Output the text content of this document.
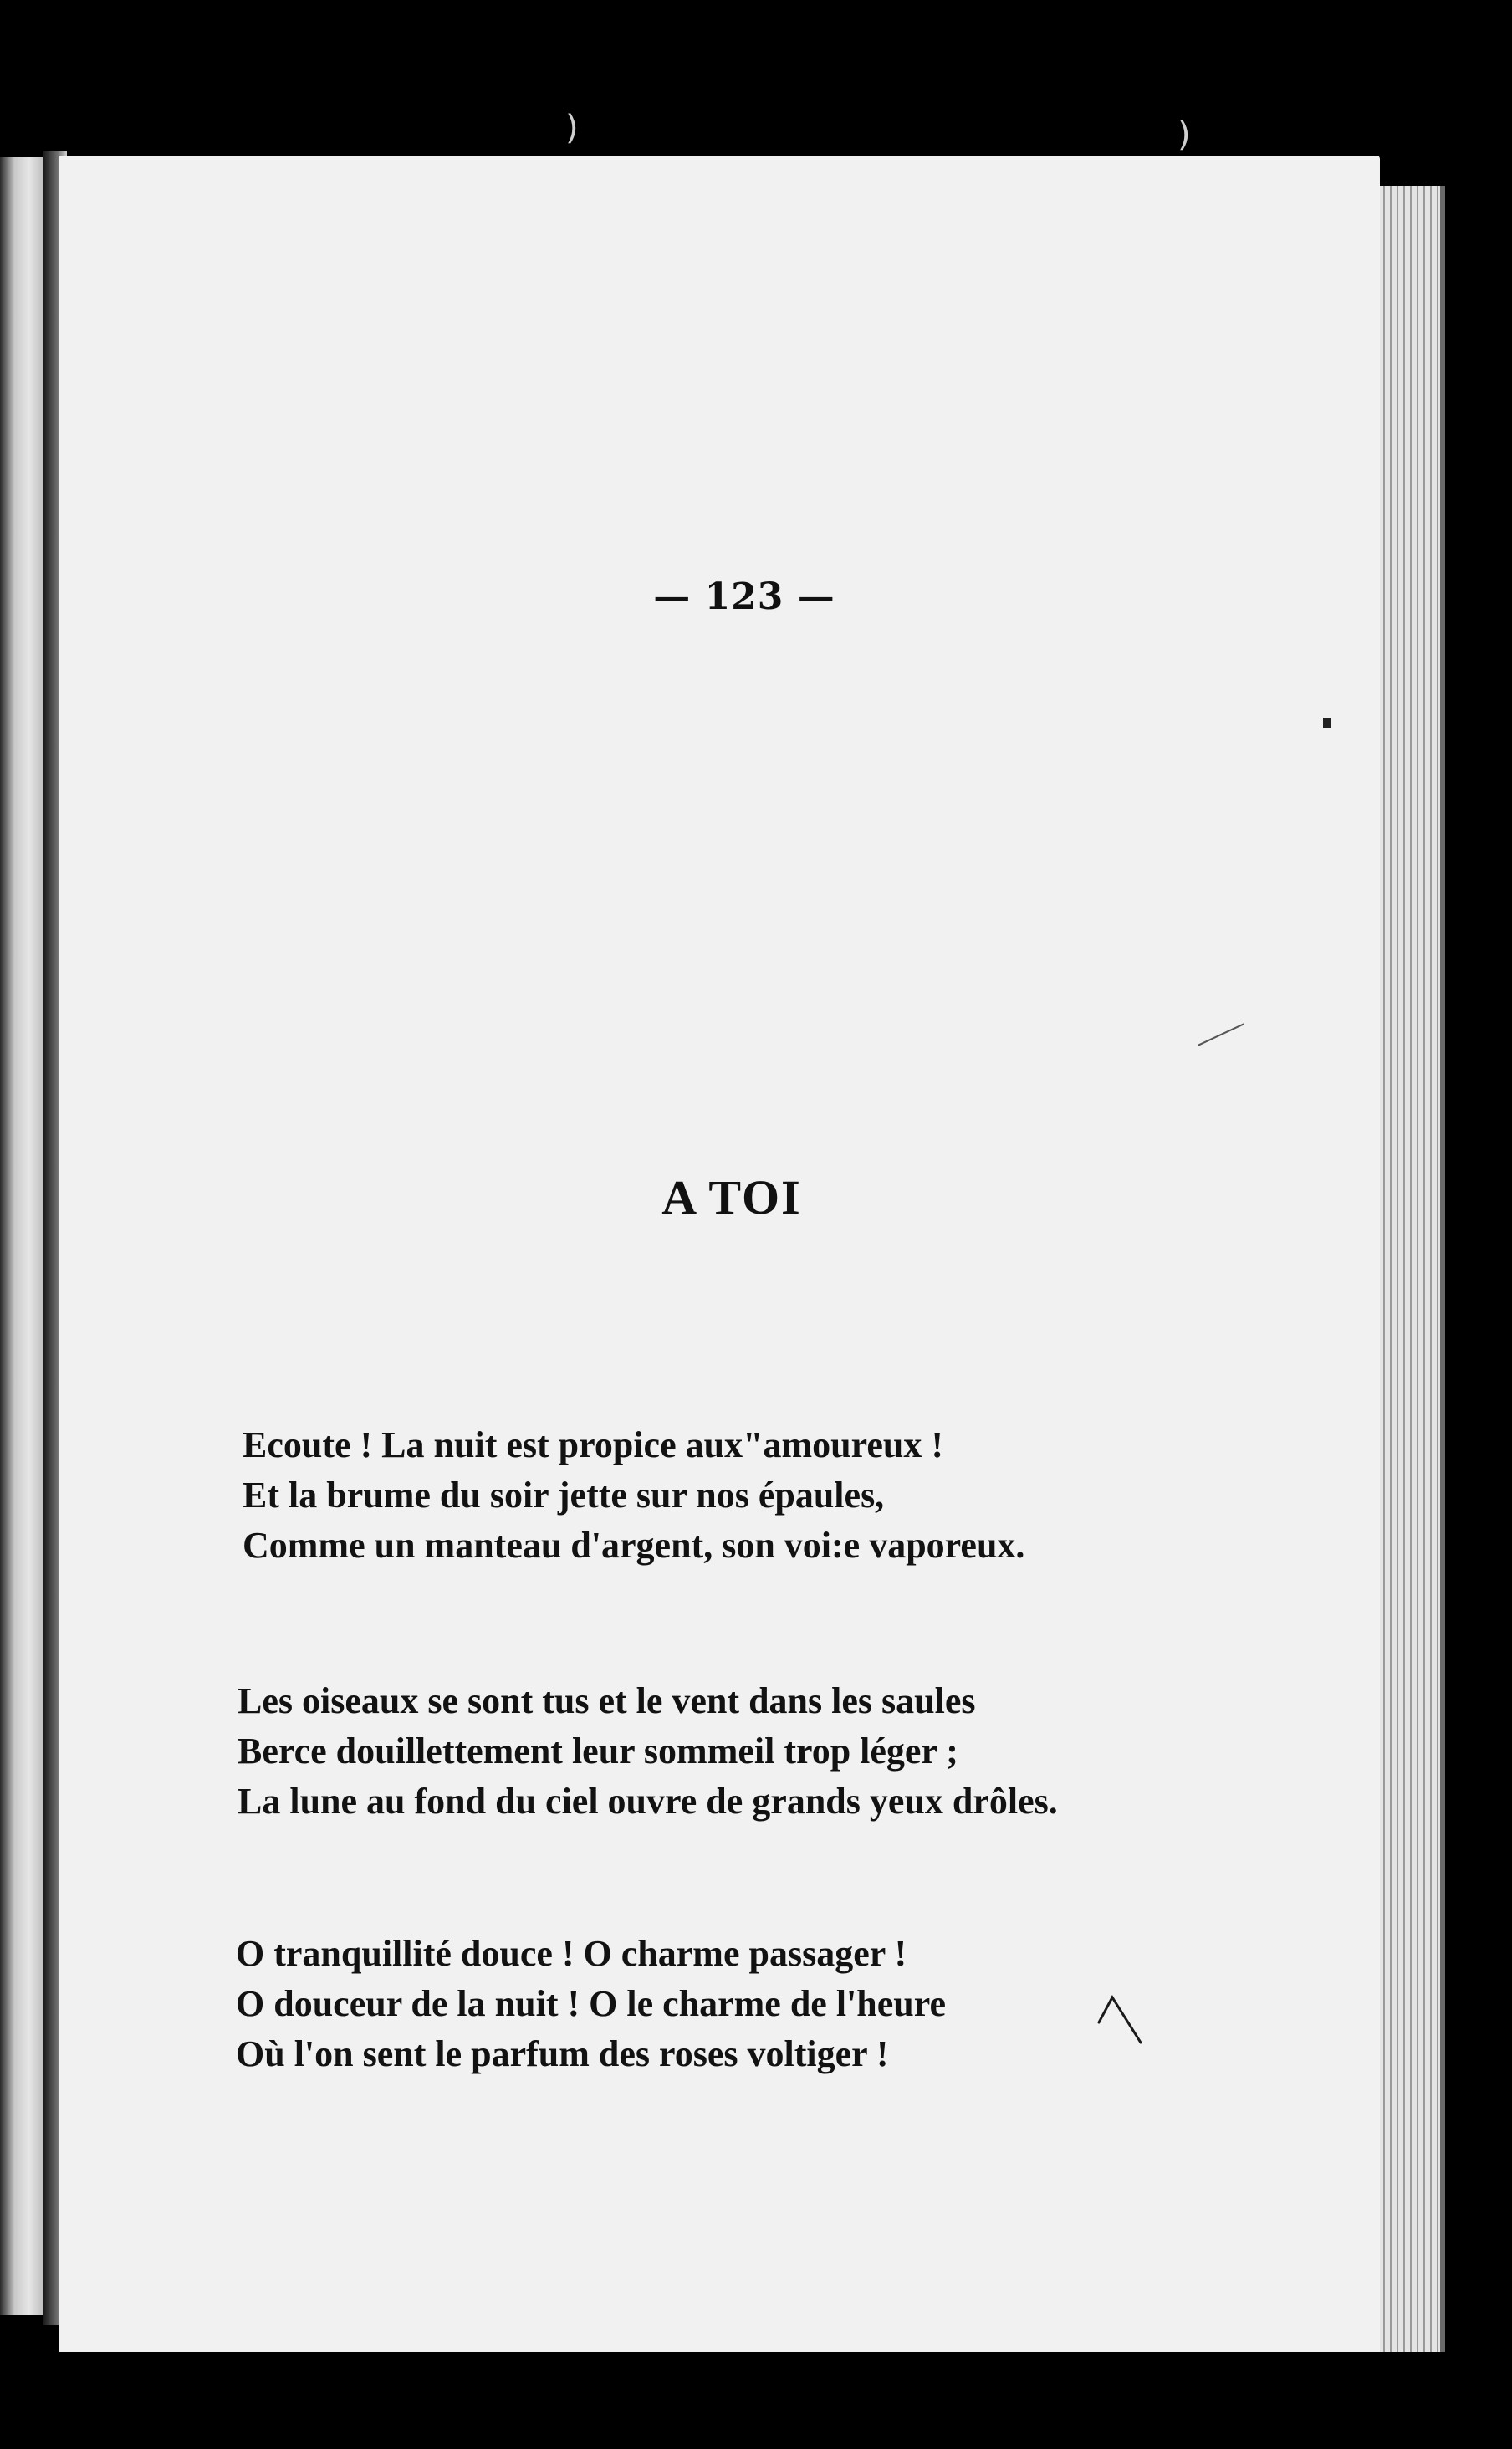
)	)
— 123 —
A TOI
Ecoute ! La nuit est propice aux"amoureux !
Et la brume du soir jette sur nos épaules,
Comme un manteau d'argent, son voi:e vaporeux.
Les oiseaux se sont tus et le vent dans les saules
Berce douillettement leur sommeil trop léger ;
La lune au fond du ciel ouvre de grands yeux drôles.
O tranquillité douce ! O charme passager !
O douceur de la nuit ! O le charme de l'heure
Où l'on sent le parfum des roses voltiger !
